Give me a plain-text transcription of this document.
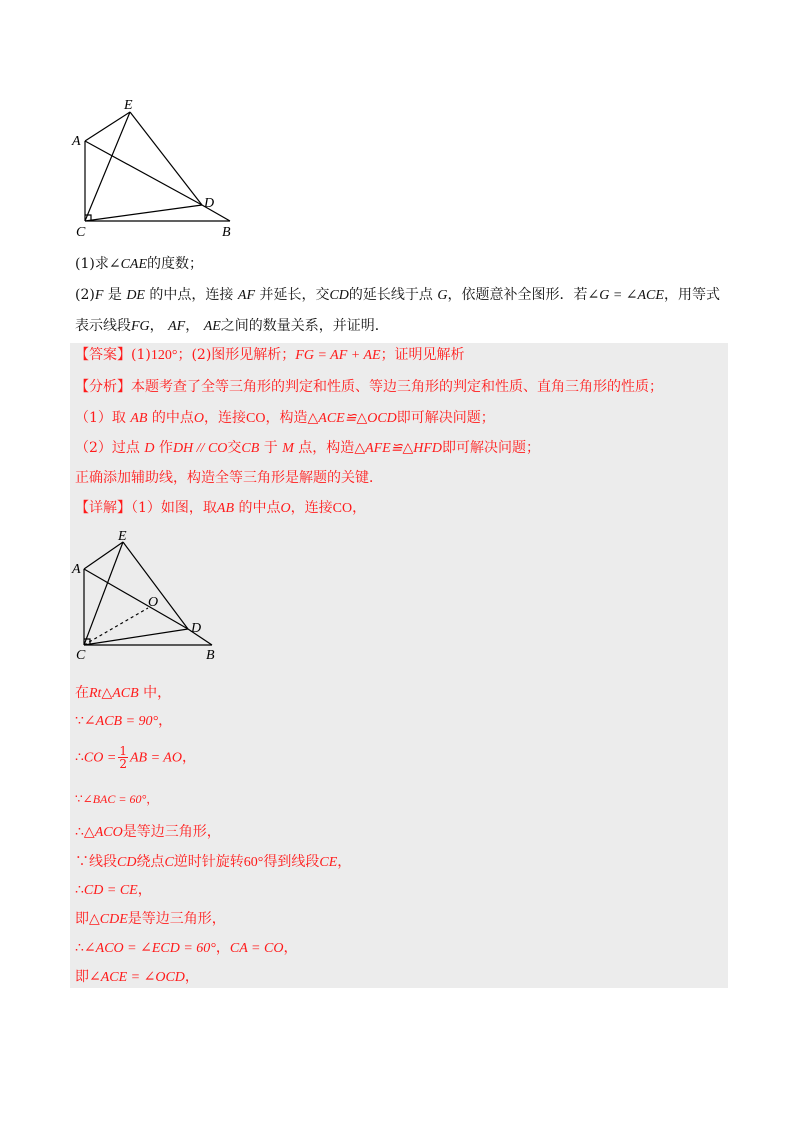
E
A
D
C	B
(1)求∠CAE的度数；
(2)F 是 DE 的中点，连接 AF 并延长，交CD的延长线于点 G，依题意补全图形．若∠G = ∠ACE，用等式
表示线段FG， AF， AE之间的数量关系，并证明．
【答案】(1)120°；(2)图形见解析；FG = AF + AE；证明见解析
【分析】本题考查了全等三角形的判定和性质、等边三角形的判定和性质、直角三角形的性质；
（1）取 AB 的中点O，连接CO，构造△ACE≌△OCD即可解决问题；
（2）过点 D 作DH // CO交CB 于 M 点，构造△AFE≌△HFD即可解决问题；
正确添加辅助线，构造全等三角形是解题的关键．
【详解】（1）如图，取AB 的中点O，连接CO，
E
A
O
D
C	B
在Rt△ACB 中，
∵∠ACB = 90°，
∴CO = $\frac{1}{2}$ AB = AO，
∵∠BAC = 60°，
∴△ACO是等边三角形，
∵线段CD绕点C逆时针旋转60°得到线段CE，
∴CD = CE，
即△CDE是等边三角形，
∴∠ACO = ∠ECD = 60°，CA = CO，
即∠ACE = ∠OCD，
